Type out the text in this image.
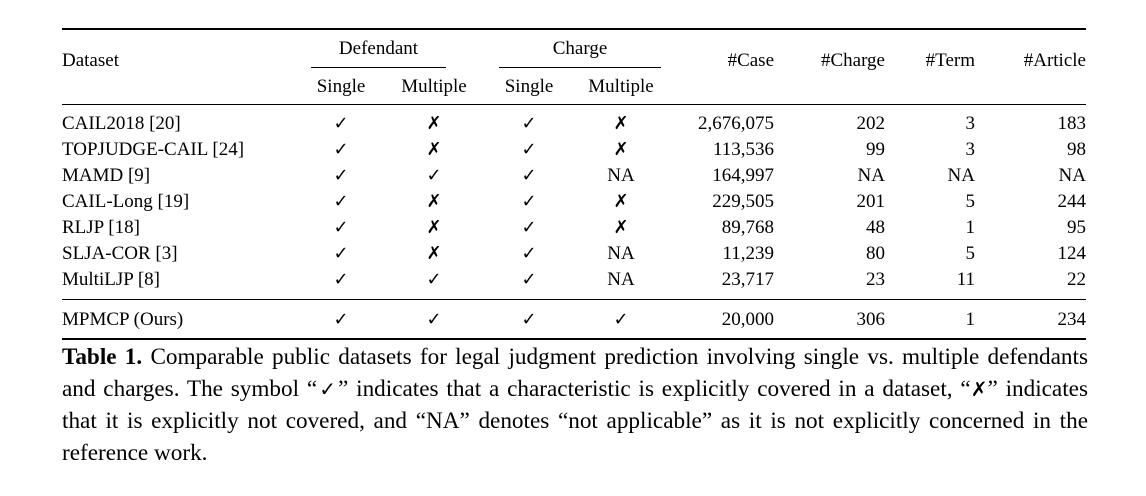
Dataset
Defendant	Charge
Single	Multiple	Single	Multiple
#Case #Charge #Term	#Article
CAIL2018 [20]	✓	✗	✓	✗	2,676,075	202	3	183
TOPJUDGE-CAIL [24]	✓	✗	✓	✗	113,536	99	3	98
MAMD [9]	✓	✓	✓	NA	164,997	NA	NA	NA
CAIL-Long [19]	✓	✗	✓	✗	229,505	201	5	244
RLJP [18]	✓	✗	✓	✗	89,768	48	1	95
SLJA-COR [3]	✓	✗	✓	NA	11,239	80	5	124
MultiLJP [8]	✓	✓	✓	NA	23,717	23	11	22
MPMCP (Ours)	✓	✓	✓	✓	20,000	306	1	234
Table 1. Comparable public datasets for legal judgment prediction involving single vs. multiple defendants and charges. The symbol “✓” indicates that a characteristic is explicitly covered in a dataset, “✗” indicates that it is explicitly not covered, and “NA” denotes “not applicable” as it is not explicitly concerned in the reference work.
